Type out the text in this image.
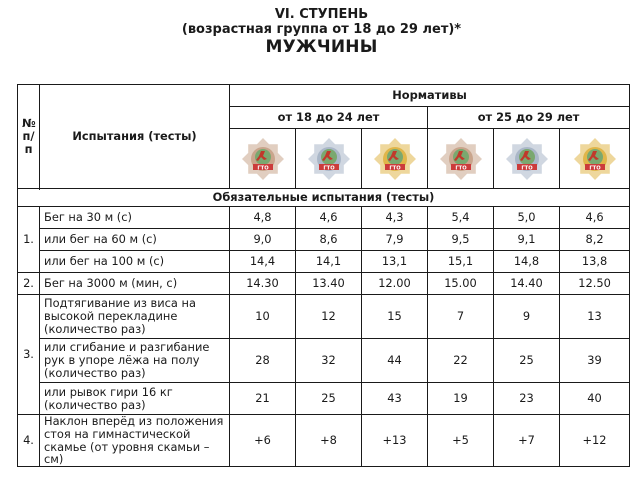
VI. СТУПЕНЬ
(возрастная группа от 18 до 29 лет)*
МУЖЧИНЫ
№
п/п	Испытания (тесты)	Нормативы					
		от 18 до 24 лет			от 25 до 29 лет		

ГТО	ГТО	ГТО	ГТО	ГТО	ГТО

Обязательные испытания (тесты)							
1.	Бег на 30 м (с)	4,8	4,6	4,3	5,4	5,0	4,6
	или бег на 60 м (с)	9,0	8,6	7,9	9,5	9,1	8,2
	или бег на 100 м (с)	14,4	14,1	13,1	15,1	14,8	13,8
2.	Бег на 3000 м (мин, с)	14.30	13.40	12.00	15.00	14.40	12.50
3.	Подтягивание из виса на высокой перекладине (количество раз)	10	12	15	7	9	13
	или сгибание и разгибание рук в упоре лёжа на полу (количество раз)	28	32	44	22	25	39
	или рывок гири 16 кг (количество раз)	21	25	43	19	23	40
4.	Наклон вперёд из положения стоя на гимнастической скамье (от уровня скамьи – см)	+6	+8	+13	+5	+7	+12
